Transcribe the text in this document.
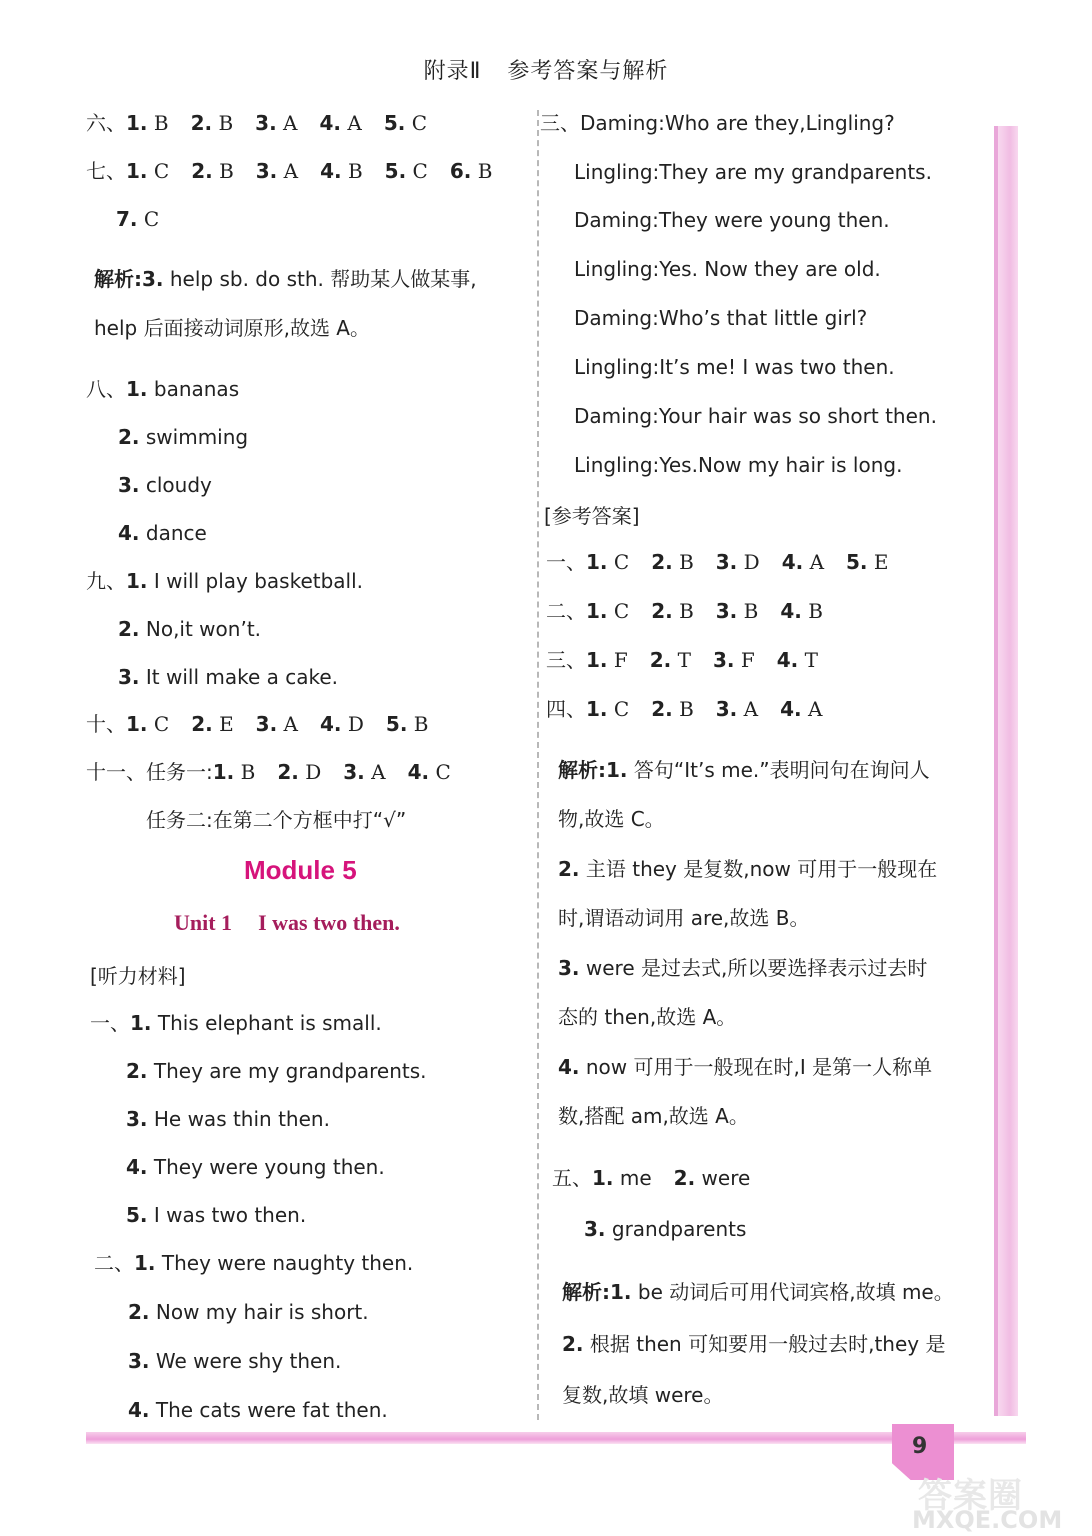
附录Ⅱ 参考答案与解析
六、1. B 2. B 3. A 4. A 5. C
七、1. C 2. B 3. A 4. B 5. C 6. B
7. C
解析:3. help sb. do sth. 帮助某人做某事,
help 后面接动词原形,故选 A。
八、1. bananas
2. swimming
3. cloudy
4. dance
九、1. I will play basketball.
2. No,it won’t.
3. It will make a cake.
十、1. C 2. E 3. A 4. D 5. B
十一、任务一:1. B 2. D 3. A 4. C
任务二:在第二个方框中打“√”
Module 5
Unit 1 I was two then.
[听力材料]
一、1. This elephant is small.
2. They are my grandparents.
3. He was thin then.
4. They were young then.
5. I was two then.
二、1. They were naughty then.
2. Now my hair is short.
3. We were shy then.
4. The cats were fat then.
三、Daming:Who are they,Lingling?
Lingling:They are my grandparents.
Daming:They were young then.
Lingling:Yes. Now they are old.
Daming:Who’s that little girl?
Lingling:It’s me! I was two then.
Daming:Your hair was so short then.
Lingling:Yes.Now my hair is long.
[参考答案]
一、1. C 2. B 3. D 4. A 5. E
二、1. C 2. B 3. B 4. B
三、1. F 2. T 3. F 4. T
四、1. C 2. B 3. A 4. A
解析:1. 答句“It’s me.”表明问句在询问人
物,故选 C。
2. 主语 they 是复数,now 可用于一般现在
时,谓语动词用 are,故选 B。
3. were 是过去式,所以要选择表示过去时
态的 then,故选 A。
4. now 可用于一般现在时,I 是第一人称单
数,搭配 am,故选 A。
五、1. me 2. were
3. grandparents
解析:1. be 动词后可用代词宾格,故填 me。
2. 根据 then 可知要用一般过去时,they 是
复数,故填 were。
9
答案圈
MXQE.COM
